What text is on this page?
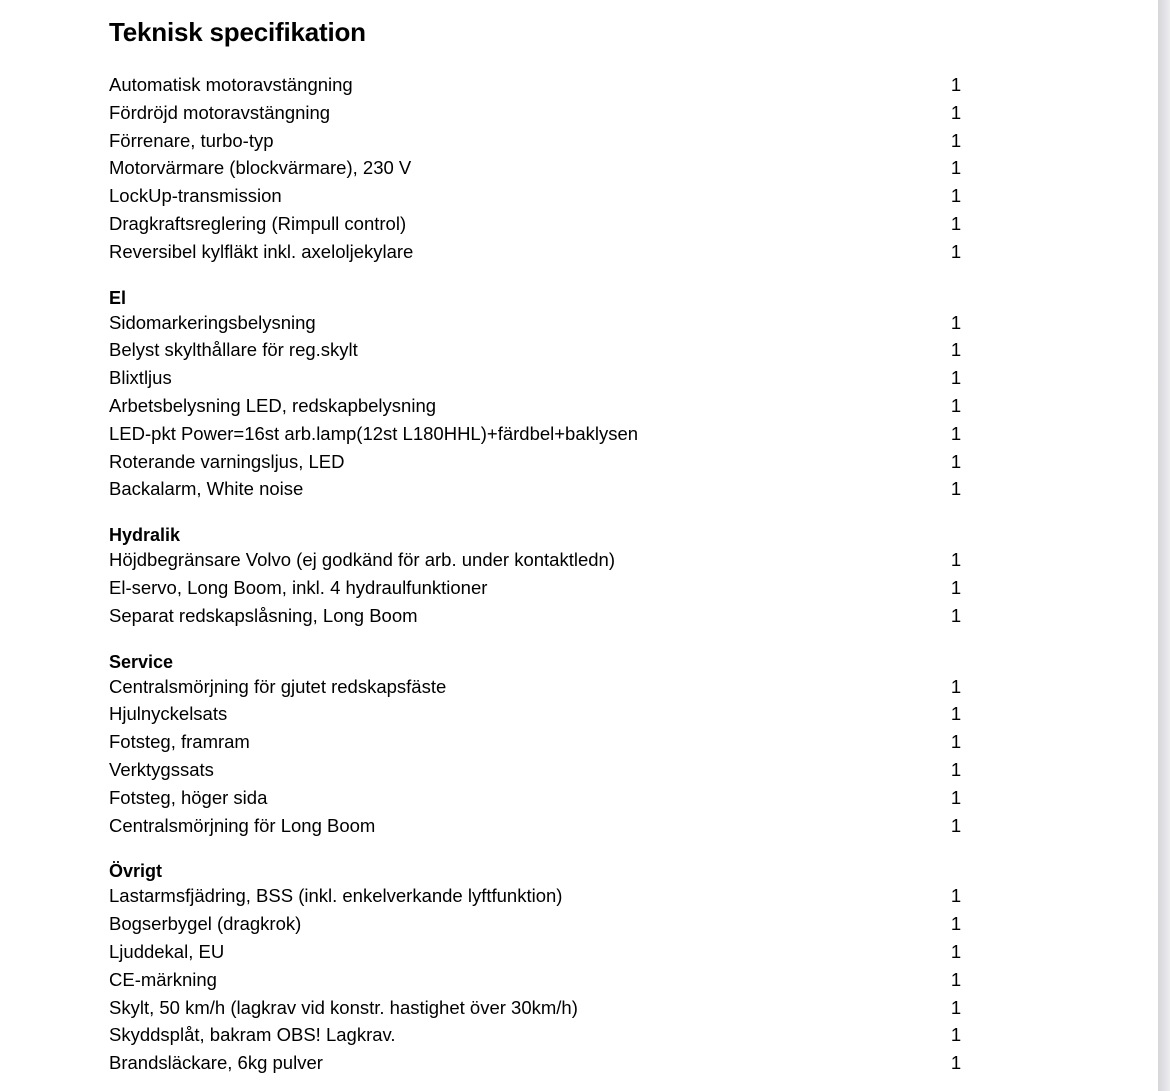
Teknisk specifikation
Automatisk motoravstängning	1
Fördröjd motoravstängning	1
Förrenare, turbo-typ	1
Motorvärmare (blockvärmare), 230 V	1
LockUp-transmission	1
Dragkraftsreglering (Rimpull control)	1
Reversibel kylfläkt inkl. axeloljekylare	1
El
Sidomarkeringsbelysning	1
Belyst skylthållare för reg.skylt	1
Blixtljus	1
Arbetsbelysning LED, redskapbelysning	1
LED-pkt Power=16st arb.lamp(12st L180HHL)+färdbel+baklysen	1
Roterande varningsljus, LED	1
Backalarm, White noise	1
Hydralik
Höjdbegränsare Volvo (ej godkänd för arb. under kontaktledn)	1
El-servo, Long Boom, inkl. 4 hydraulfunktioner	1
Separat redskapslåsning, Long Boom	1
Service
Centralsmörjning för gjutet redskapsfäste	1
Hjulnyckelsats	1
Fotsteg, framram	1
Verktygssats	1
Fotsteg, höger sida	1
Centralsmörjning för Long Boom	1
Övrigt
Lastarmsfjädring, BSS (inkl. enkelverkande lyftfunktion)	1
Bogserbygel (dragkrok)	1
Ljuddekal, EU	1
CE-märkning	1
Skylt, 50 km/h (lagkrav vid konstr. hastighet över 30km/h)	1
Skyddsplåt, bakram OBS! Lagkrav.	1
Brandsläckare, 6kg pulver	1
